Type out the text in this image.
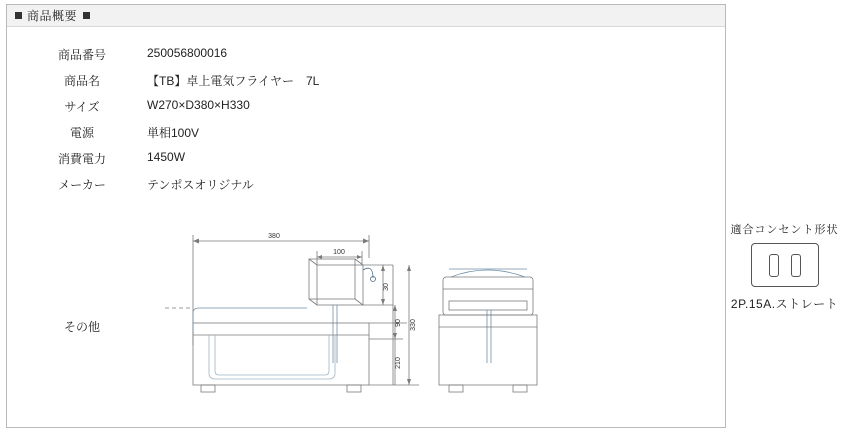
商品概要
商品番号	250056800016
商品名	【TB】卓上電気フライヤー　7L
サイズ	W270×D380×H330
電源	単相100V
消費電力	1450W
メーカー	テンポスオリジナル
その他
380
100
30
90
210
330
適合コンセント形状
2P.15A.ストレート
